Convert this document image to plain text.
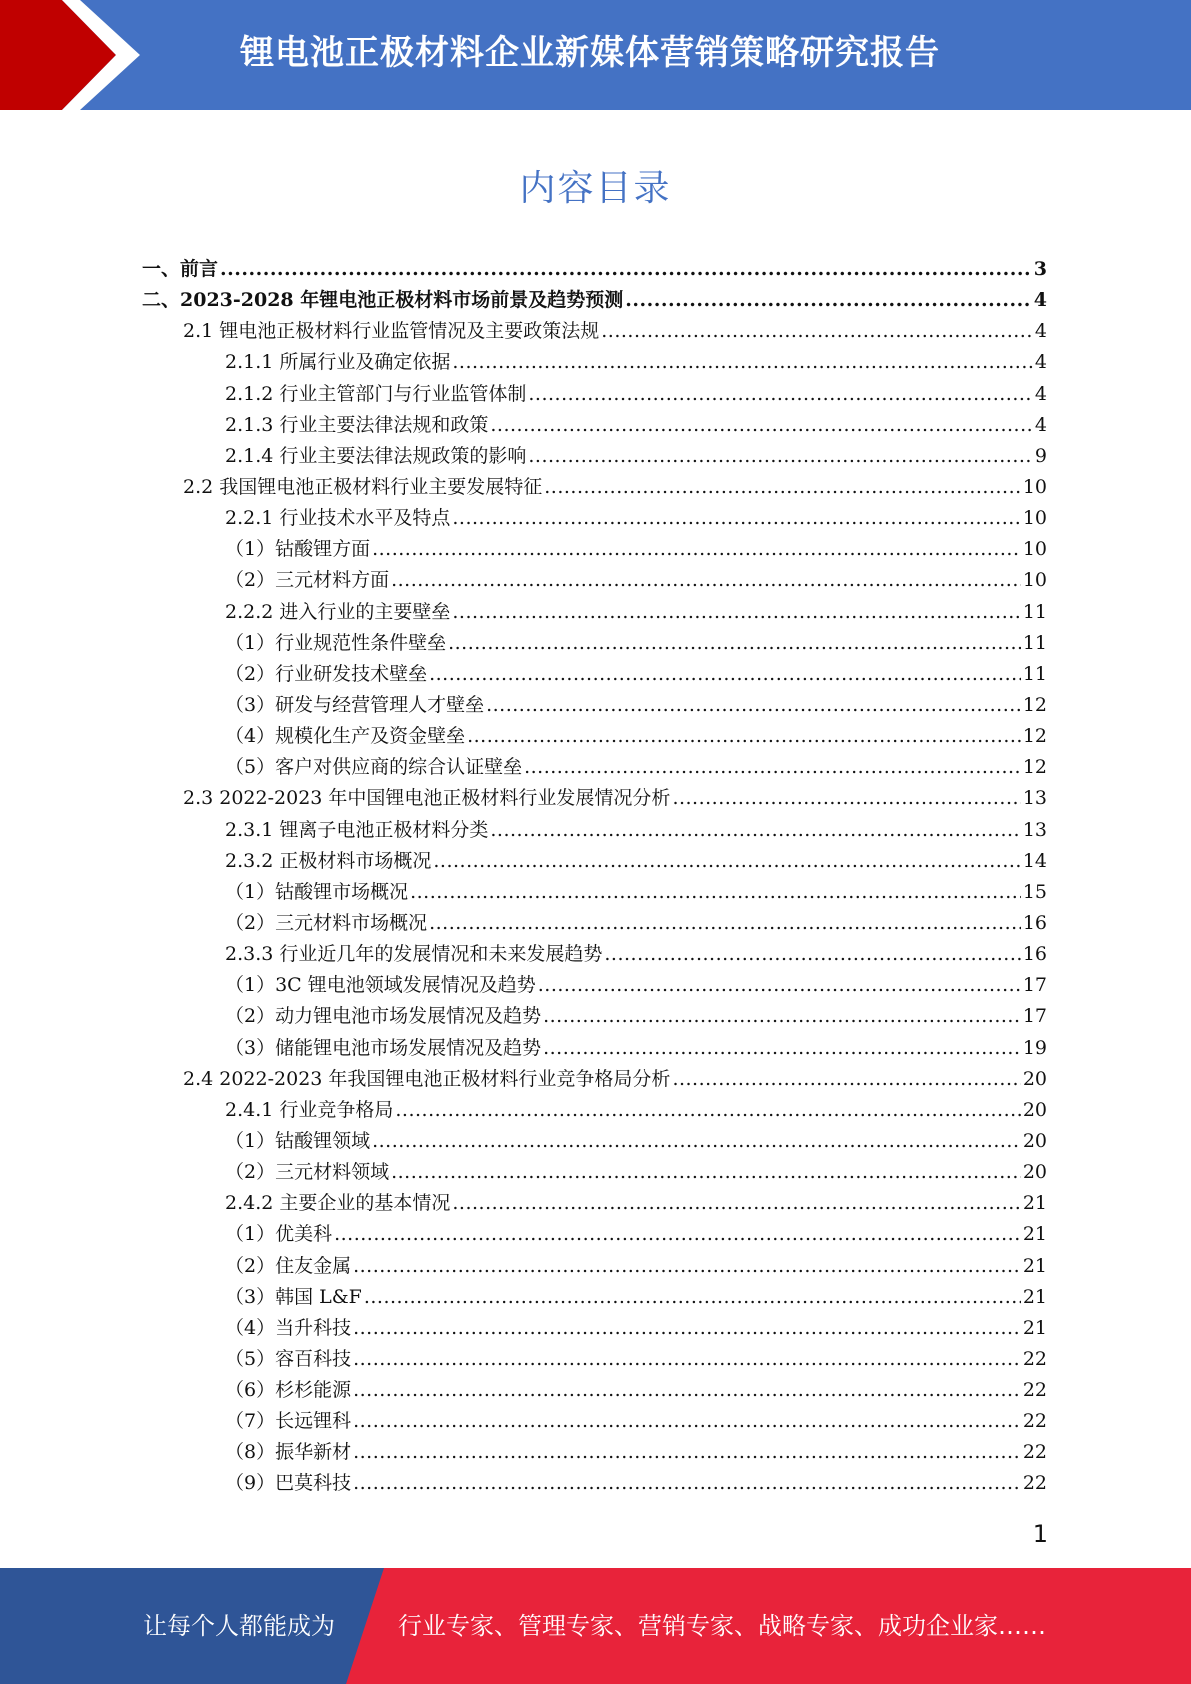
锂电池正极材料企业新媒体营销策略研究报告
内容目录
一、前言 .....	3
二、2023-2028 年锂电池正极材料市场前景及趋势预测 .....	4
2.1 锂电池正极材料行业监管情况及主要政策法规 .....	4
2.1.1 所属行业及确定依据 .....	4
2.1.2 行业主管部门与行业监管体制 .....	4
2.1.3 行业主要法律法规和政策 .....	4
2.1.4 行业主要法律法规政策的影响 .....	9
2.2 我国锂电池正极材料行业主要发展特征 .....	10
2.2.1 行业技术水平及特点 .....	10
（1）钴酸锂方面 .....	10
（2）三元材料方面 .....	10
2.2.2 进入行业的主要壁垒 .....	11
（1）行业规范性条件壁垒 .....	11
（2）行业研发技术壁垒 .....	11
（3）研发与经营管理人才壁垒 .....	12
（4）规模化生产及资金壁垒 .....	12
（5）客户对供应商的综合认证壁垒 .....	12
2.3 2022-2023 年中国锂电池正极材料行业发展情况分析 .....	13
2.3.1 锂离子电池正极材料分类 .....	13
2.3.2 正极材料市场概况 .....	14
（1）钴酸锂市场概况 .....	15
（2）三元材料市场概况 .....	16
2.3.3 行业近几年的发展情况和未来发展趋势 .....	16
（1）3C 锂电池领域发展情况及趋势 .....	17
（2）动力锂电池市场发展情况及趋势 .....	17
（3）储能锂电池市场发展情况及趋势 .....	19
2.4 2022-2023 年我国锂电池正极材料行业竞争格局分析 .....	20
2.4.1 行业竞争格局 .....	20
（1）钴酸锂领域 .....	20
（2）三元材料领域 .....	20
2.4.2 主要企业的基本情况 .....	21
（1）优美科 .....	21
（2）住友金属 .....	21
（3）韩国 L&F .....	21
（4）当升科技 .....	21
（5）容百科技 .....	22
（6）杉杉能源 .....	22
（7）长远锂科 .....	22
（8）振华新材 .....	22
（9）巴莫科技 .....	22
1
让每个人都能成为	行业专家、管理专家、营销专家、战略专家、成功企业家……
